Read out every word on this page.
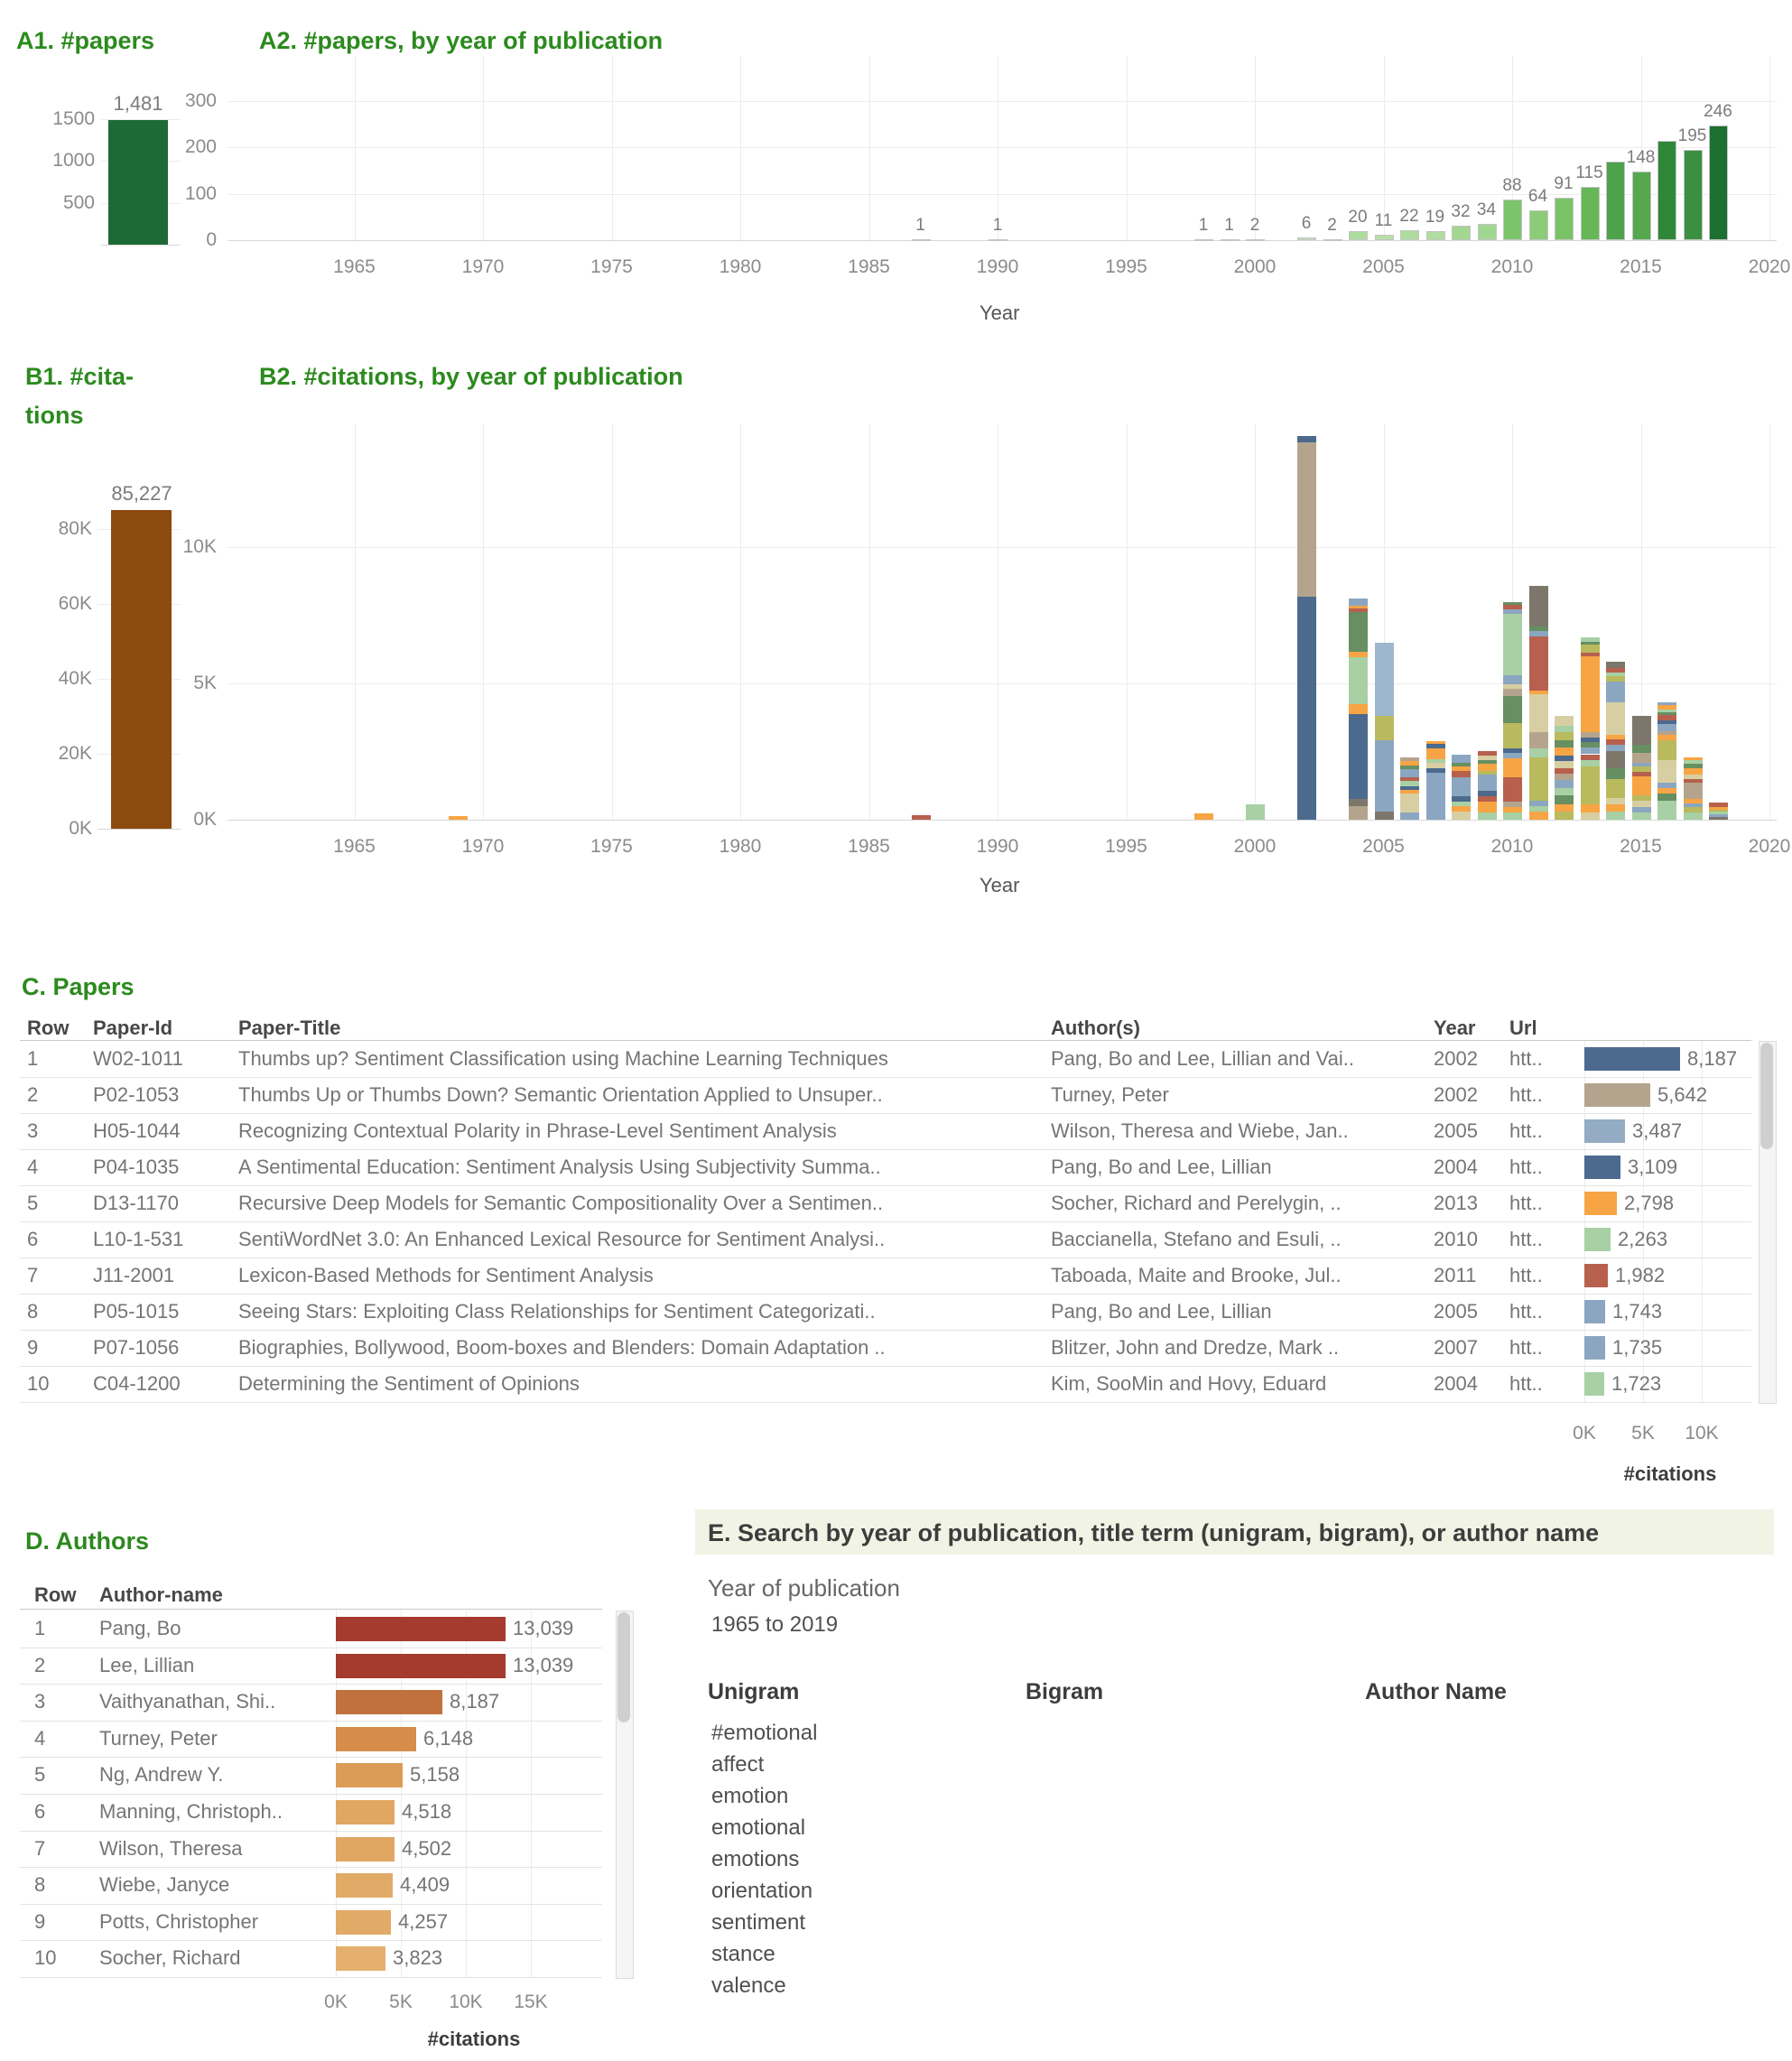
A1. #papers	A2. #papers, by year of publication
B1. #cita-
tions
B2. #citations, by year of publication
C. Papers
D. Authors
Row Paper-Id	Paper-Title	Author(s)	Year Url
Row Author-name
E. Search by year of publication, title term (unigram, bigram), or author name
Year of publication
1965 to 2019
Unigram	Bigram	Author Name
500
1000
1500
1,481
0K
20K
40K
60K
80K
85,227
0
100
200
300
1965	1970	1975	1980	1985	1990	1995	2000	2005	2010	2015	2020
Year
1	1	1 1 2	6 2 20 11 22 19 32 34
88
64
91
115
148
195
246
0K
5K
10K
1965	1970	1975	1980	1985	1990	1995	2000	2005	2010	2015	2020
Year
1	W02-1011	Thumbs up? Sentiment Classification using Machine Learning Techniques	Pang, Bo and Lee, Lillian and Vai..	2002	htt..	8,187
2	P02-1053	Thumbs Up or Thumbs Down? Semantic Orientation Applied to Unsuper..	Turney, Peter	2002	htt..	5,642
3	H05-1044	Recognizing Contextual Polarity in Phrase-Level Sentiment Analysis	Wilson, Theresa and Wiebe, Jan..	2005	htt..	3,487
4	P04-1035	A Sentimental Education: Sentiment Analysis Using Subjectivity Summa..	Pang, Bo and Lee, Lillian	2004	htt..	3,109
5	D13-1170	Recursive Deep Models for Semantic Compositionality Over a Sentimen..	Socher, Richard and Perelygin, ..	2013	htt..	2,798
6	L10-1-531	SentiWordNet 3.0: An Enhanced Lexical Resource for Sentiment Analysi..	Baccianella, Stefano and Esuli, ..	2010	htt..	2,263
7	J11-2001	Lexicon-Based Methods for Sentiment Analysis	Taboada, Maite and Brooke, Jul..	2011	htt..	1,982
8	P05-1015	Seeing Stars: Exploiting Class Relationships for Sentiment Categorizati..	Pang, Bo and Lee, Lillian	2005	htt..	1,743
9	P07-1056	Biographies, Bollywood, Boom-boxes and Blenders: Domain Adaptation ..	Blitzer, John and Dredze, Mark ..	2007	htt..	1,735
10	C04-1200	Determining the Sentiment of Opinions	Kim, SooMin and Hovy, Eduard	2004	htt..	1,723
0K	5K	10K
#citations
1	Pang, Bo	13,039
2	Lee, Lillian	13,039
3	Vaithyanathan, Shi..	8,187
4	Turney, Peter	6,148
5	Ng, Andrew Y.	5,158
6	Manning, Christoph..	4,518
7	Wilson, Theresa	4,502
8	Wiebe, Janyce	4,409
9	Potts, Christopher	4,257
10	Socher, Richard	3,823
0K	5K	10K	15K
#citations
#emotional
affect
emotion
emotional
emotions
orientation
sentiment
stance
valence
